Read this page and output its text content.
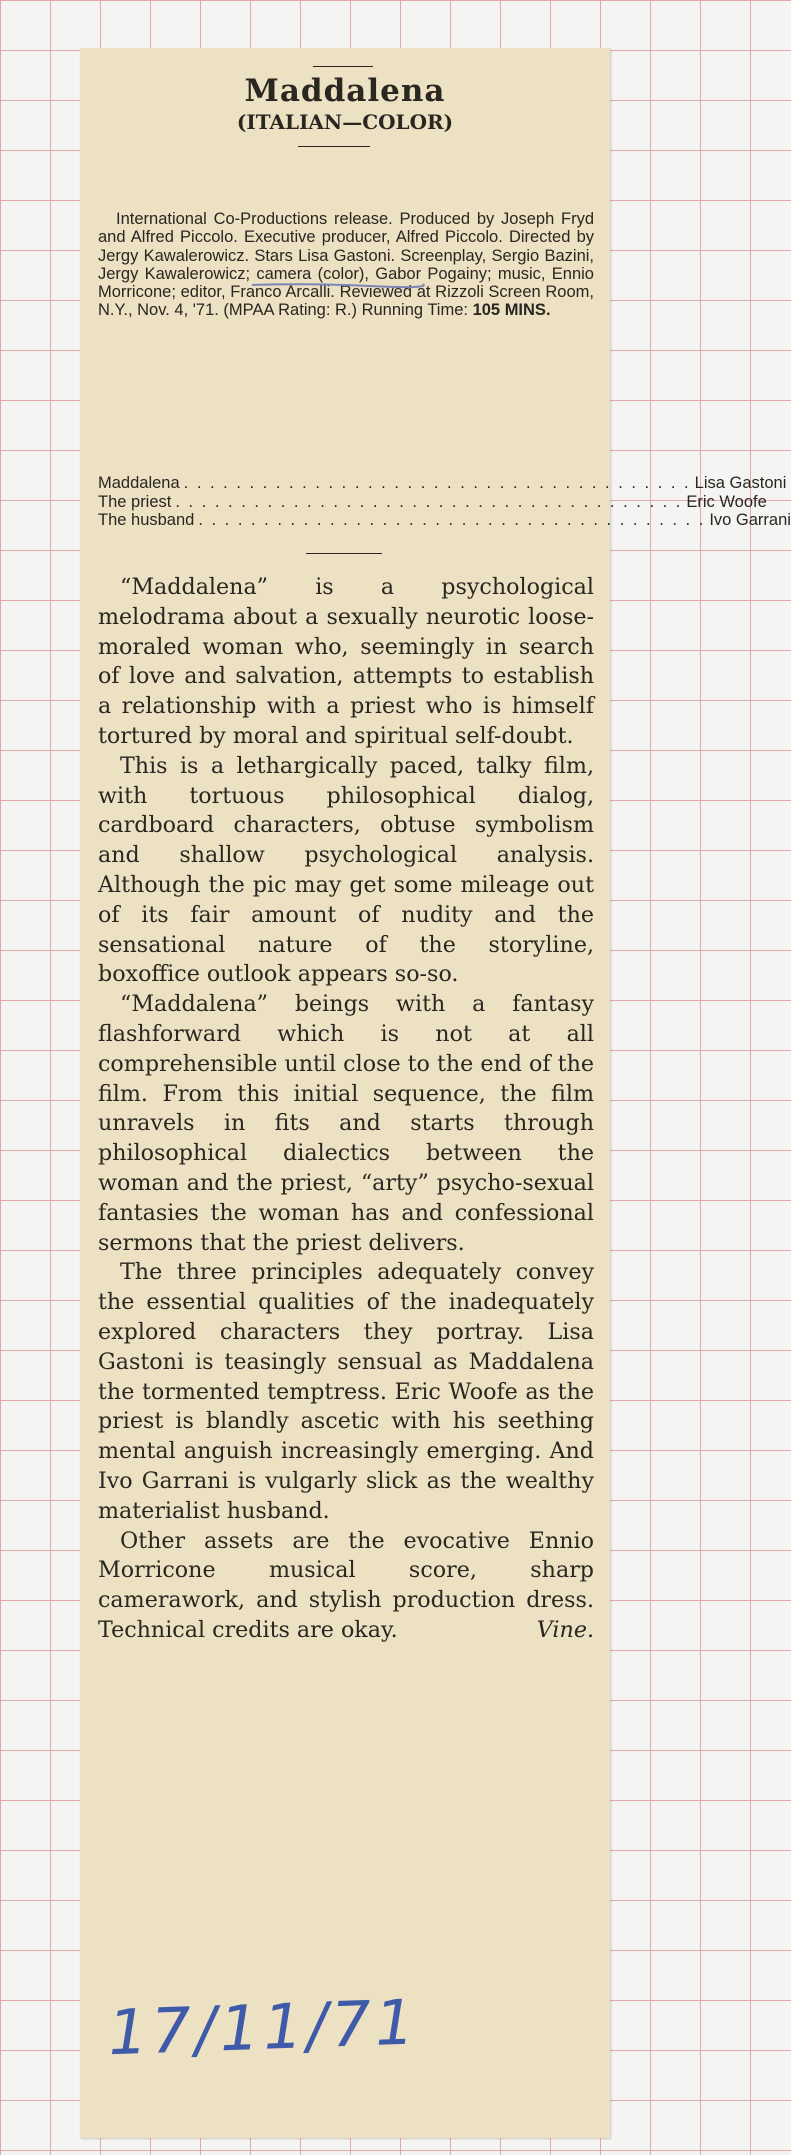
Maddalena
(ITALIAN—COLOR)

International Co-Productions release. Produced by Joseph Fryd and Alfred Piccolo. Executive producer, Alfred Piccolo. Directed by Jergy Kawalerowicz. Stars Lisa Gastoni. Screenplay, Sergio Bazini, Jergy Kawalerowicz; camera (color), Gabor Pogainy; music, Ennio Morricone; editor, Franco Arcalli. Reviewed at Rizzoli Screen Room, N.Y., Nov. 4, '71. (MPAA Rating: R.) Running Time: 105 MINS.

Maddalena . . . . . . . . . . . . . . . . . . . . . . . . . . . . . . . . . . . . . . . Lisa Gastoni
The priest . . . . . . . . . . . . . . . . . . . . . . . . . . . . . . . . . . . . . . . Eric Woofe
The husband . . . . . . . . . . . . . . . . . . . . . . . . . . . . . . . . . . . . . . . Ivo Garrani

“Maddalena” is a psychological melodrama about a sexually neurotic loose-moraled woman who, seemingly in search of love and salvation, attempts to establish a relationship with a priest who is himself tortured by moral and spiritual self-doubt.

This is a lethargically paced, talky film, with tortuous philosophical dialog, cardboard characters, obtuse symbolism and shallow psychological analysis. Although the pic may get some mileage out of its fair amount of nudity and the sensational nature of the storyline, boxoffice outlook appears so-so.

“Maddalena” beings with a fantasy flashforward which is not at all comprehensible until close to the end of the film. From this initial sequence, the film unravels in fits and starts through philosophical dialectics between the woman and the priest, “arty” psycho-sexual fantasies the woman has and confessional sermons that the priest delivers.

The three principles adequately convey the essential qualities of the inadequately explored characters they portray. Lisa Gastoni is teasingly sensual as Maddalena the tormented temptress. Eric Woofe as the priest is blandly ascetic with his seething mental anguish increasingly emerging. And Ivo Garrani is vulgarly slick as the wealthy materialist husband.

Other assets are the evocative Ennio Morricone musical score, sharp camerawork, and stylish production dress. Technical credits are okay.	Vine.

17/11/71
